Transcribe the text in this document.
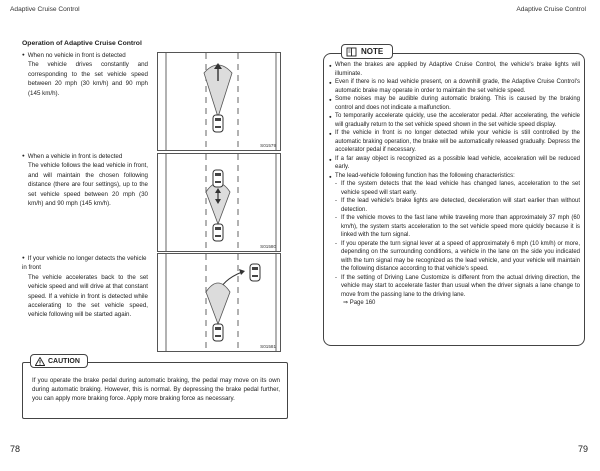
Adaptive Cruise Control	Adaptive Cruise Control
Operation of Adaptive Cruise Control
● When no vehicle in front is detected
The vehicle drives constantly and corresponding to the set vehicle speed between 20 mph (30 km/h) and 90 mph (145 km/h).
S01579
● When a vehicle in front is detected
The vehicle follows the lead vehicle in front, and will maintain the chosen following distance (there are four settings), up to the set vehicle speed between 20 mph (30 km/h) and 90 mph (145 km/h).
S01580
● If your vehicle no longer detects the vehicle in front
The vehicle accelerates back to the set vehicle speed and will drive at that constant speed. If a vehicle in front is detected while accelerating to the set vehicle speed, vehicle following will be started again.
S01581
CAUTION
If you operate the brake pedal during automatic braking, the pedal may move on its own during automatic braking. However, this is normal. By depressing the brake pedal further, you can apply more braking force. Apply more braking force as necessary.
78
NOTE
● When the brakes are applied by Adaptive Cruise Control, the vehicle's brake lights will illuminate.
● Even if there is no lead vehicle present, on a downhill grade, the Adaptive Cruise Control's automatic brake may operate in order to maintain the set vehicle speed.
● Some noises may be audible during automatic braking. This is caused by the braking control and does not indicate a malfunction.
● To temporarily accelerate quickly, use the accelerator pedal. After accelerating, the vehicle will gradually return to the set vehicle speed shown in the set vehicle speed display.
● If the vehicle in front is no longer detected while your vehicle is still controlled by the automatic braking operation, the brake will be automatically released gradually. Depress the accelerator pedal if necessary.
● If a far away object is recognized as a possible lead vehicle, acceleration will be reduced early.
● The lead-vehicle following function has the following characteristics:
- If the system detects that the lead vehicle has changed lanes, acceleration to the set vehicle speed will start early.
- If the lead vehicle's brake lights are detected, deceleration will start earlier than without detection.
- If the vehicle moves to the fast lane while traveling more than approximately 37 mph (60 km/h), the system starts acceleration to the set vehicle speed more quickly because it is linked with the turn signal.
- If you operate the turn signal lever at a speed of approximately 6 mph (10 km/h) or more, depending on the surrounding conditions, a vehicle in the lane on the side you indicated with the turn signal may be recognized as the lead vehicle, and your vehicle will maintain the following distance according to that vehicle's speed.
- If the setting of Driving Lane Customize is different from the actual driving direction, the vehicle may start to accelerate faster than usual when the driver signals a lane change to move from the passing lane to the driving lane.
⇒ Page 160
79
